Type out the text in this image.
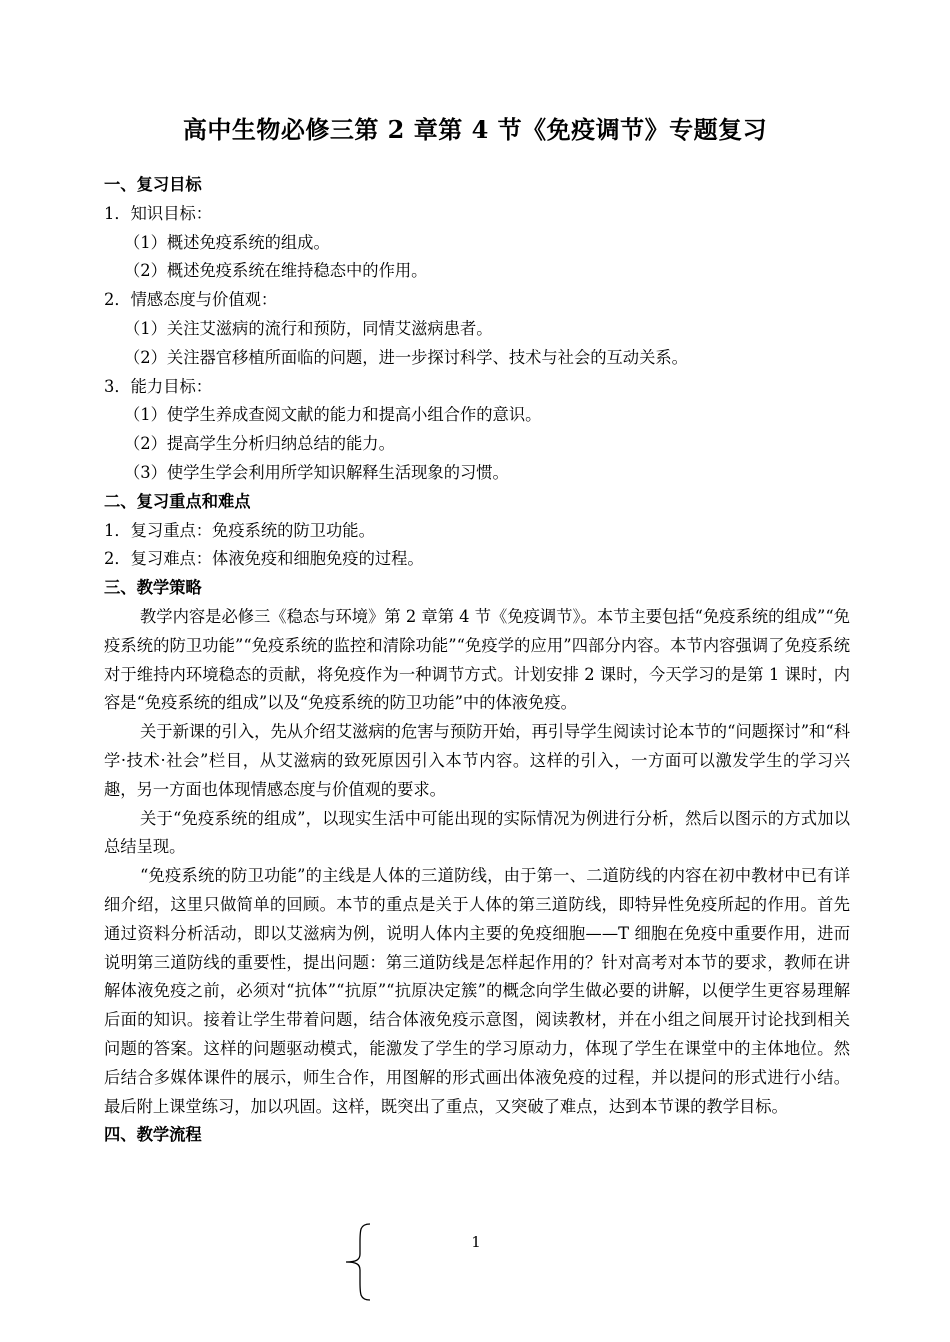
高中生物必修三第 2 章第 4 节《免疫调节》专题复习

一、复习目标

1．知识目标：

（1）概述免疫系统的组成。

（2）概述免疫系统在维持稳态中的作用。

2．情感态度与价值观：

（1）关注艾滋病的流行和预防，同情艾滋病患者。

（2）关注器官移植所面临的问题，进一步探讨科学、技术与社会的互动关系。

3．能力目标：

（1）使学生养成查阅文献的能力和提高小组合作的意识。

（2）提高学生分析归纳总结的能力。

（3）使学生学会利用所学知识解释生活现象的习惯。

二、复习重点和难点

1．复习重点：免疫系统的防卫功能。

2．复习难点：体液免疫和细胞免疫的过程。

三、教学策略

教学内容是必修三《稳态与环境》第 2 章第 4 节《免疫调节》。本节主要包括“免疫系统的组成”“免疫系统的防卫功能”“免疫系统的监控和清除功能”“免疫学的应用”四部分内容。本节内容强调了免疫系统对于维持内环境稳态的贡献，将免疫作为一种调节方式。计划安排 2 课时，今天学习的是第 1 课时，内容是“免疫系统的组成”以及“免疫系统的防卫功能”中的体液免疫。

关于新课的引入，先从介绍艾滋病的危害与预防开始，再引导学生阅读讨论本节的“问题探讨”和“科学·技术·社会”栏目，从艾滋病的致死原因引入本节内容。这样的引入，一方面可以激发学生的学习兴趣，另一方面也体现情感态度与价值观的要求。

关于“免疫系统的组成”，以现实生活中可能出现的实际情况为例进行分析，然后以图示的方式加以总结呈现。

“免疫系统的防卫功能”的主线是人体的三道防线，由于第一、二道防线的内容在初中教材中已有详细介绍，这里只做简单的回顾。本节的重点是关于人体的第三道防线，即特异性免疫所起的作用。首先通过资料分析活动，即以艾滋病为例，说明人体内主要的免疫细胞——T 细胞在免疫中重要作用，进而说明第三道防线的重要性，提出问题：第三道防线是怎样起作用的？针对高考对本节的要求，教师在讲解体液免疫之前，必须对“抗体”“抗原”“抗原决定簇”的概念向学生做必要的讲解，以便学生更容易理解后面的知识。接着让学生带着问题，结合体液免疫示意图，阅读教材，并在小组之间展开讨论找到相关问题的答案。这样的问题驱动模式，能激发了学生的学习原动力，体现了学生在课堂中的主体地位。然后结合多媒体课件的展示，师生合作，用图解的形式画出体液免疫的过程，并以提问的形式进行小结。最后附上课堂练习，加以巩固。这样，既突出了重点，又突破了难点，达到本节课的教学目标。

四、教学流程

1
